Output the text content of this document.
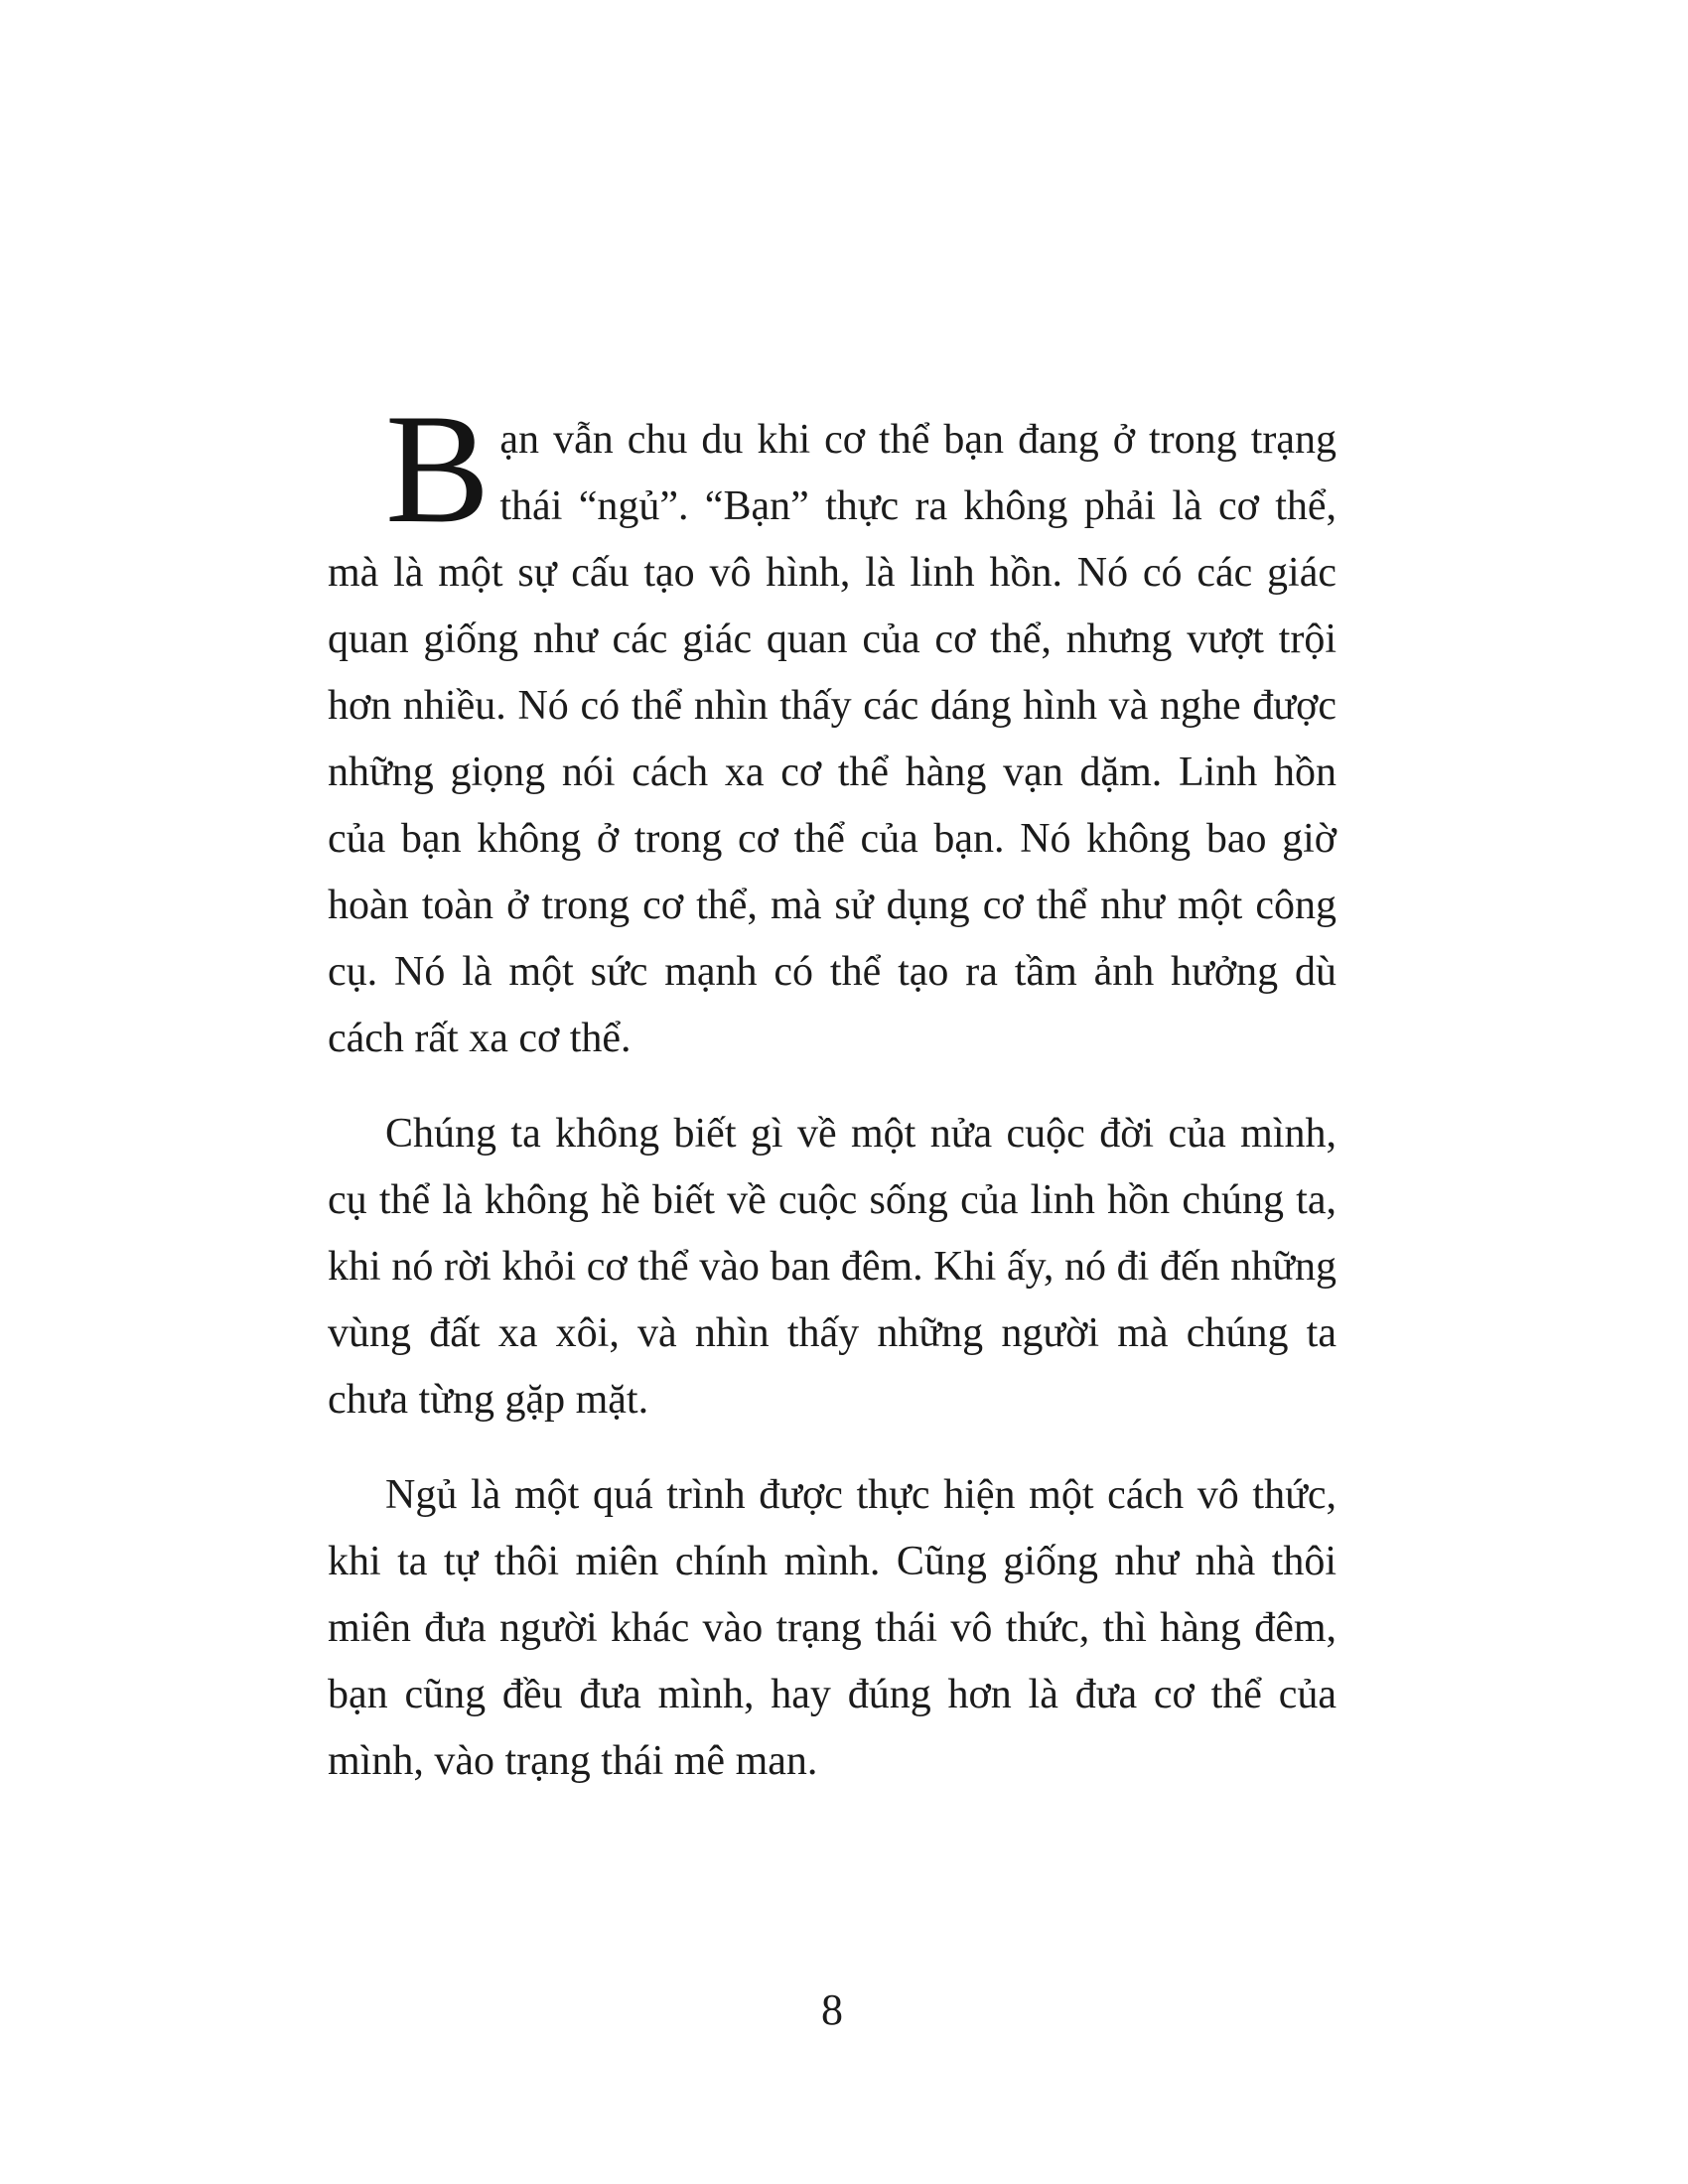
Bạn vẫn chu du khi cơ thể bạn đang ở trong trạng thái “ngủ”. “Bạn” thực ra không phải là cơ thể, mà là một sự cấu tạo vô hình, là linh hồn. Nó có các giác quan giống như các giác quan của cơ thể, nhưng vượt trội hơn nhiều. Nó có thể nhìn thấy các dáng hình và nghe được những giọng nói cách xa cơ thể hàng vạn dặm. Linh hồn của bạn không ở trong cơ thể của bạn. Nó không bao giờ hoàn toàn ở trong cơ thể, mà sử dụng cơ thể như một công cụ. Nó là một sức mạnh có thể tạo ra tầm ảnh hưởng dù cách rất xa cơ thể.

Chúng ta không biết gì về một nửa cuộc đời của mình, cụ thể là không hề biết về cuộc sống của linh hồn chúng ta, khi nó rời khỏi cơ thể vào ban đêm. Khi ấy, nó đi đến những vùng đất xa xôi, và nhìn thấy những người mà chúng ta chưa từng gặp mặt.

Ngủ là một quá trình được thực hiện một cách vô thức, khi ta tự thôi miên chính mình. Cũng giống như nhà thôi miên đưa người khác vào trạng thái vô thức, thì hàng đêm, bạn cũng đều đưa mình, hay đúng hơn là đưa cơ thể của mình, vào trạng thái mê man.

8
